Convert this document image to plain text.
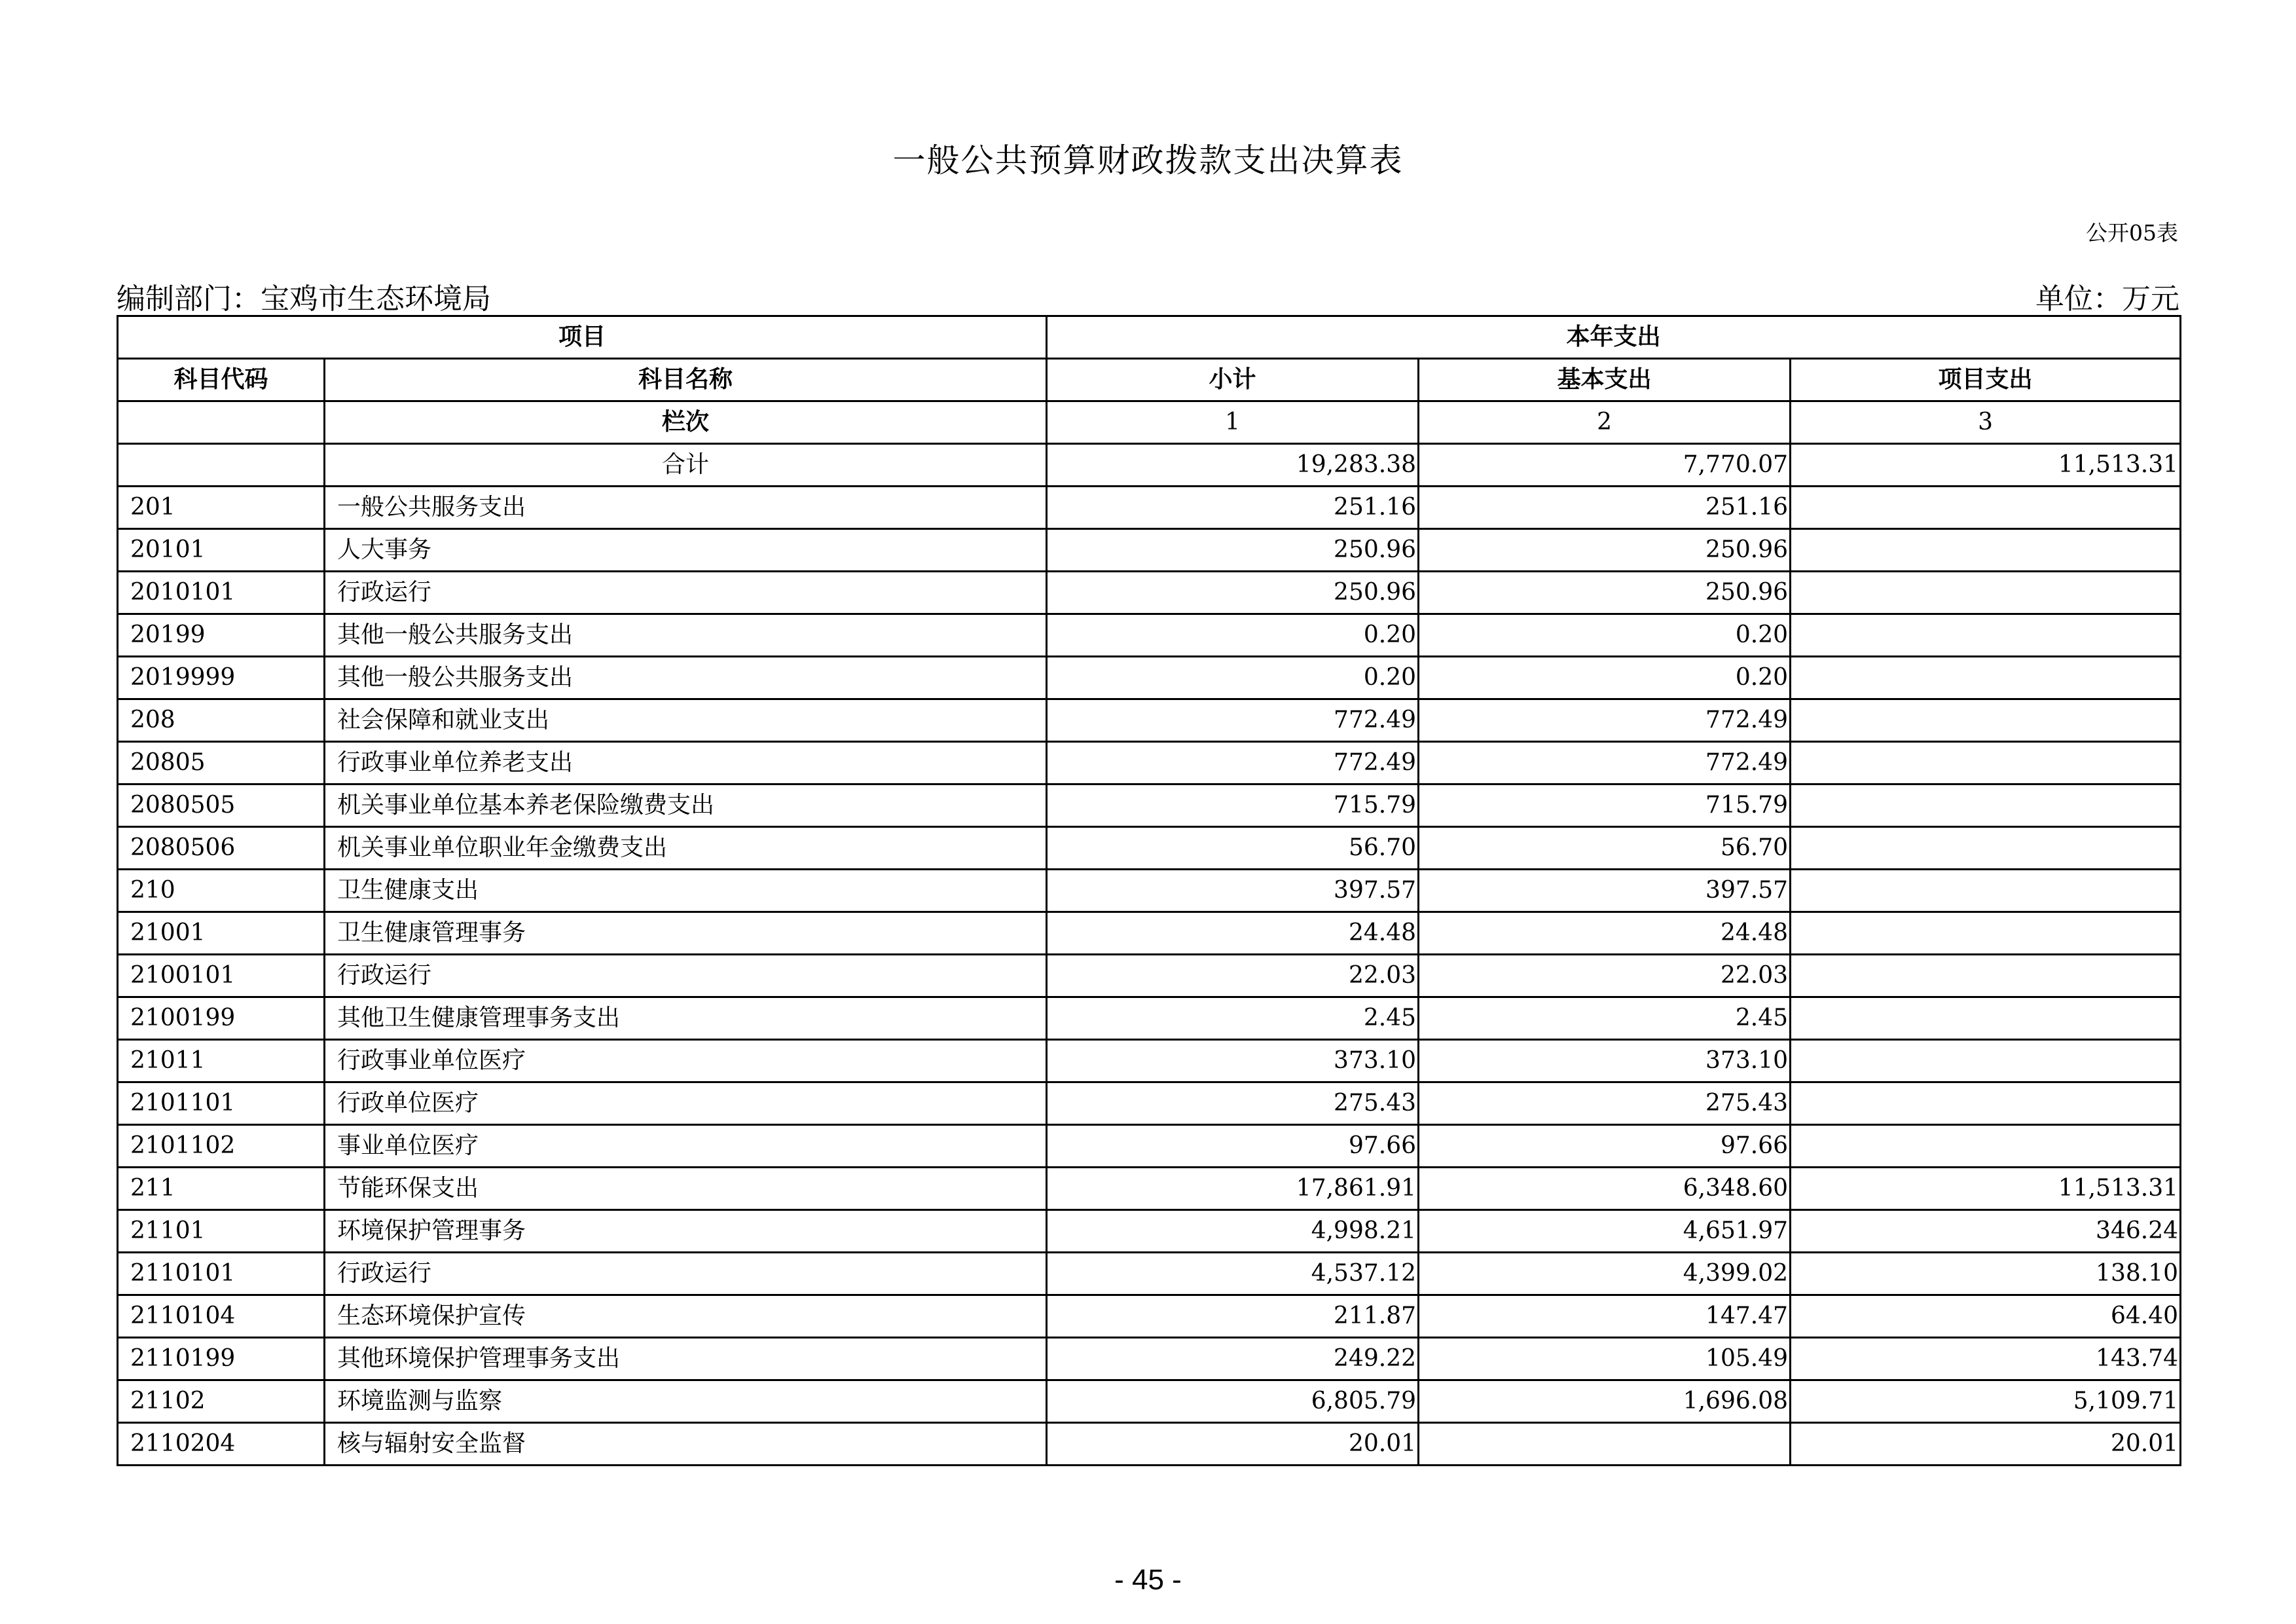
一般公共预算财政拨款支出决算表
公开05表
编制部门：宝鸡市生态环境局	单位：万元
项目		本年支出		
科目代码	科目名称	小计	基本支出	项目支出
	栏次	1	2	3
	合计	19,283.38	7,770.07	11,513.31
201	一般公共服务支出	251.16	251.16	
20101	人大事务	250.96	250.96	
2010101	行政运行	250.96	250.96	
20199	其他一般公共服务支出	0.20	0.20	
2019999	其他一般公共服务支出	0.20	0.20	
208	社会保障和就业支出	772.49	772.49	
20805	行政事业单位养老支出	772.49	772.49	
2080505	机关事业单位基本养老保险缴费支出	715.79	715.79	
2080506	机关事业单位职业年金缴费支出	56.70	56.70	
210	卫生健康支出	397.57	397.57	
21001	卫生健康管理事务	24.48	24.48	
2100101	行政运行	22.03	22.03	
2100199	其他卫生健康管理事务支出	2.45	2.45	
21011	行政事业单位医疗	373.10	373.10	
2101101	行政单位医疗	275.43	275.43	
2101102	事业单位医疗	97.66	97.66	
211	节能环保支出	17,861.91	6,348.60	11,513.31
21101	环境保护管理事务	4,998.21	4,651.97	346.24
2110101	行政运行	4,537.12	4,399.02	138.10
2110104	生态环境保护宣传	211.87	147.47	64.40
2110199	其他环境保护管理事务支出	249.22	105.49	143.74
21102	环境监测与监察	6,805.79	1,696.08	5,109.71
2110204	核与辐射安全监督	20.01		20.01
- 45 -
